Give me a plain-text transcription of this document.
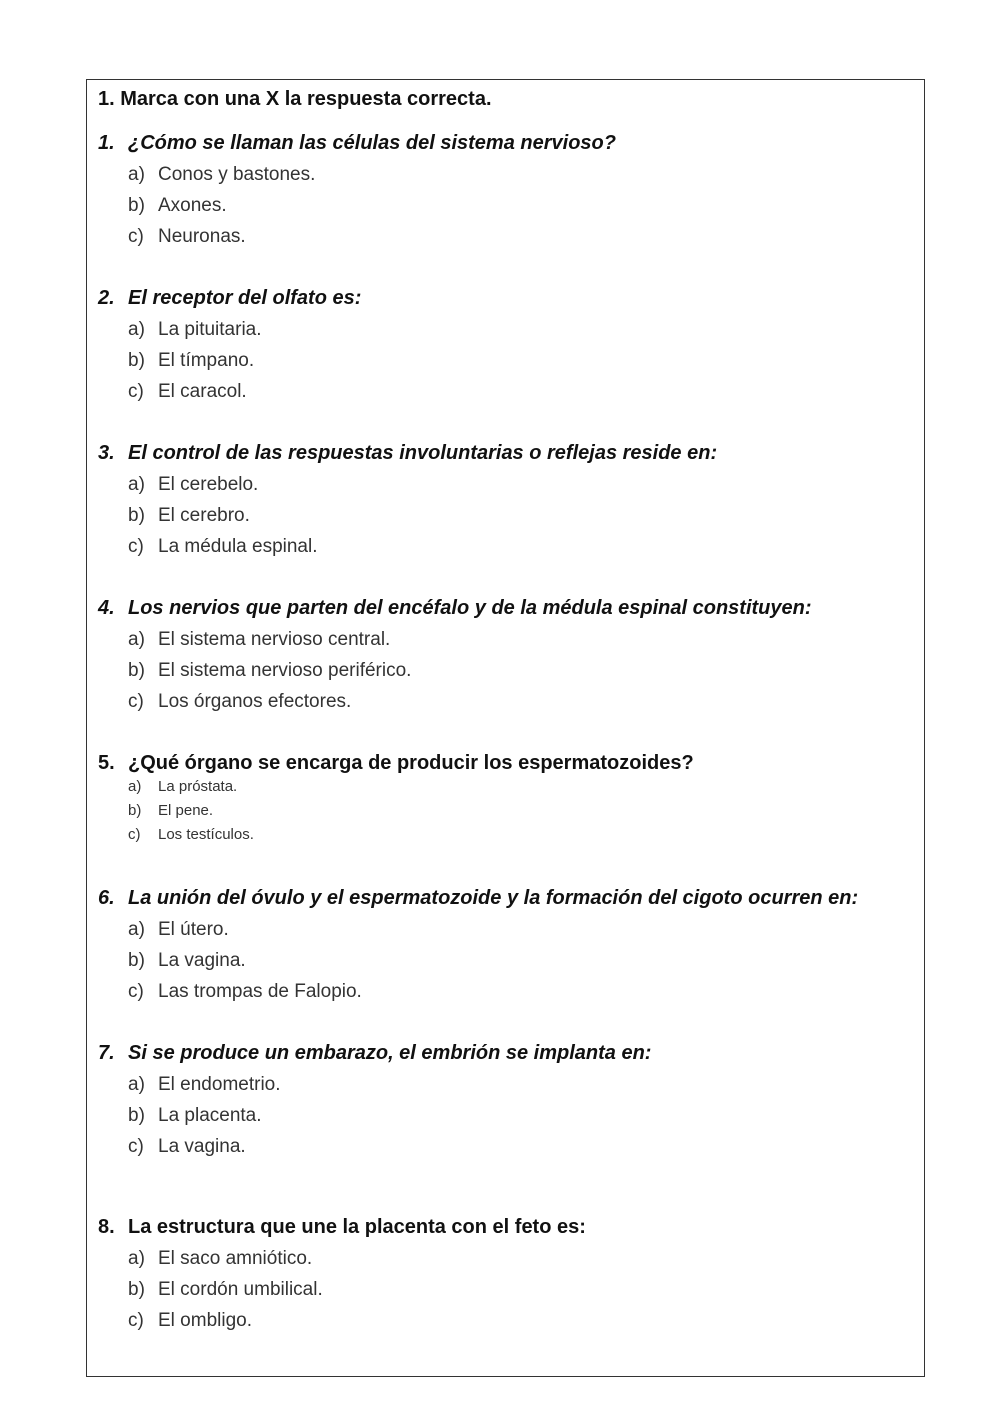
1. Marca con una X la respuesta correcta.
1. ¿Cómo se llaman las células del sistema nervioso?
a) Conos y bastones.
b) Axones.
c) Neuronas.
2. El receptor del olfato es:
a) La pituitaria.
b) El tímpano.
c) El caracol.
3. El control de las respuestas involuntarias o reflejas reside en:
a) El cerebelo.
b) El cerebro.
c) La médula espinal.
4. Los nervios que parten del encéfalo y de la médula espinal constituyen:
a) El sistema nervioso central.
b) El sistema nervioso periférico.
c) Los órganos efectores.
5. ¿Qué órgano se encarga de producir los espermatozoides?
a) La próstata.
b) El pene.
c) Los testículos.
6. La unión del óvulo y el espermatozoide y la formación del cigoto ocurren en:
a) El útero.
b) La vagina.
c) Las trompas de Falopio.
7. Si se produce un embarazo, el embrión se implanta en:
a) El endometrio.
b) La placenta.
c) La vagina.
8. La estructura que une la placenta con el feto es:
a) El saco amniótico.
b) El cordón umbilical.
c) El ombligo.
